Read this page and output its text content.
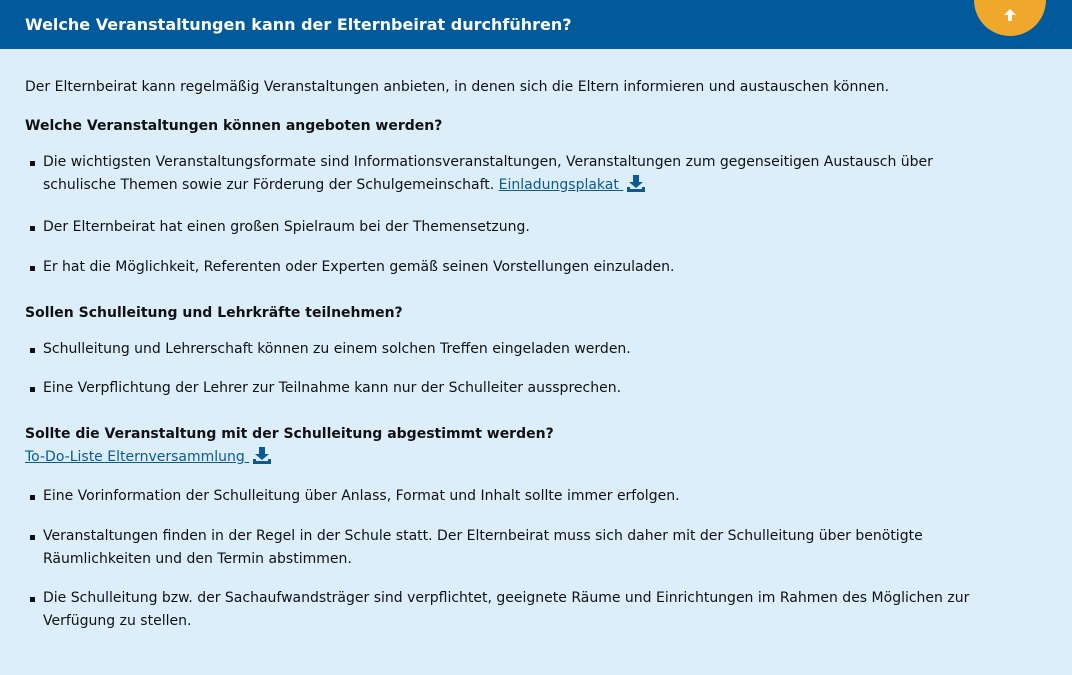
Welche Veranstaltungen kann der Elternbeirat durchführen?

Der Elternbeirat kann regelmäßig Veranstaltungen anbieten, in denen sich die Eltern informieren und austauschen können.

Welche Veranstaltungen können angeboten werden?

Die wichtigsten Veranstaltungsformate sind Informationsveranstaltungen, Veranstaltungen zum gegenseitigen Austausch über schulische Themen sowie zur Förderung der Schulgemeinschaft. Einladungsplakat
Der Elternbeirat hat einen großen Spielraum bei der Themensetzung.
Er hat die Möglichkeit, Referenten oder Experten gemäß seinen Vorstellungen einzuladen.

Sollen Schulleitung und Lehrkräfte teilnehmen?

Schulleitung und Lehrerschaft können zu einem solchen Treffen eingeladen werden.
Eine Verpflichtung der Lehrer zur Teilnahme kann nur der Schulleiter aussprechen.

Sollte die Veranstaltung mit der Schulleitung abgestimmt werden?

To-Do-Liste Elternversammlung

Eine Vorinformation der Schulleitung über Anlass, Format und Inhalt sollte immer erfolgen.
Veranstaltungen finden in der Regel in der Schule statt. Der Elternbeirat muss sich daher mit der Schulleitung über benötigte Räumlichkeiten und den Termin abstimmen.
Die Schulleitung bzw. der Sachaufwandsträger sind verpflichtet, geeignete Räume und Einrichtungen im Rahmen des Möglichen zur Verfügung zu stellen.
